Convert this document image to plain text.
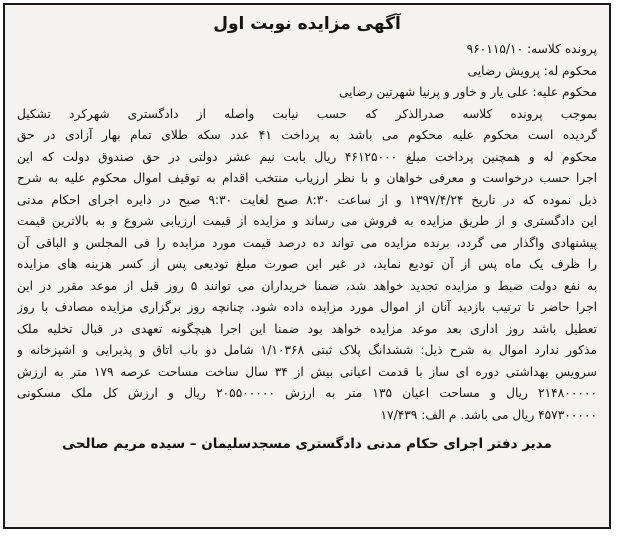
آگهی مزایده نوبت اول
پرونده کلاسه: ۹۶۰۱۱۵/۱۰
محکوم له: پرویش رضایی
محکوم علیه: علی یار و خاور و پرنیا شهرتین رضایی
بموجب پرونده کلاسه صدرالذکر که حسب نیابت واصله از دادگستری شهرکرد تشکیل
گردیده است محکوم علیه محکوم می باشد به پرداخت ۴۱ عدد سکه طلای تمام بهار آزادی در حق
محکوم له و همچنین پرداخت مبلغ ۴۶۱۲۵۰۰۰ ریال بابت نیم عشر دولتی در حق صندوق دولت که این
اجرا حسب درخواست و معرفی خواهان و با نظر ارزیاب منتخب اقدام به توقیف اموال محکوم علیه به شرح
ذیل نموده که در تاریخ ۱۳۹۷/۴/۲۴ و از ساعت ۸:۳۰ صبح لغایت ۹:۳۰ صبح در دایره اجرای احکام مدنی
این دادگستری و از طریق مزایده به فروش می رساند و مزایده از قیمت ارزیابی شروع و به بالاترین قیمت
پیشنهادی واگذار می گردد، برنده مزایده می تواند ده درصد قیمت مورد مزایده را فی المجلس و الباقی آن
را ظرف یک ماه پس از آن تودیع نماید، در غیر این صورت مبلغ تودیعی پس از کسر هزینه های مزایده
به نفع دولت ضبط و مزایده تجدید خواهد شد، ضمنا خریداران می توانند ۵ روز قبل از موعد مقرر در این
اجرا حاضر تا ترتیب بازدید آنان از اموال مورد مزایده داده شود. چنانچه روز برگزاری مزایده مصادف با روز
تعطیل باشد روز اداری بعد موعد مزایده خواهد بود ضمنا این اجرا هیچگونه تعهدی در قبال تخلیه ملک
مذکور ندارد اموال به شرح ذیل: ششدانگ پلاک ثبتی ۱/۱۰۳۶۸ شامل دو باب اتاق و پذیرایی و اشپزخانه و
سرویس بهداشتی دوره ای ساز با قدمت اعیانی بیش از ۳۴ سال ساخت مساحت عرصه ۱۷۹ متر به ارزش
۲۱۴۸۰۰۰۰۰ ریال و مساحت اعیان ۱۳۵ متر به ارزش ۲۰۵۵۰۰۰۰۰ ریال و ارزش کل ملک مسکونی
۴۵۷۳۰۰۰۰۰ ریال می باشد. م الف: ۱۷/۴۳۹
مدیر دفتر اجرای حکام مدنی دادگستری مسجدسلیمان – سیده مریم صالحی
